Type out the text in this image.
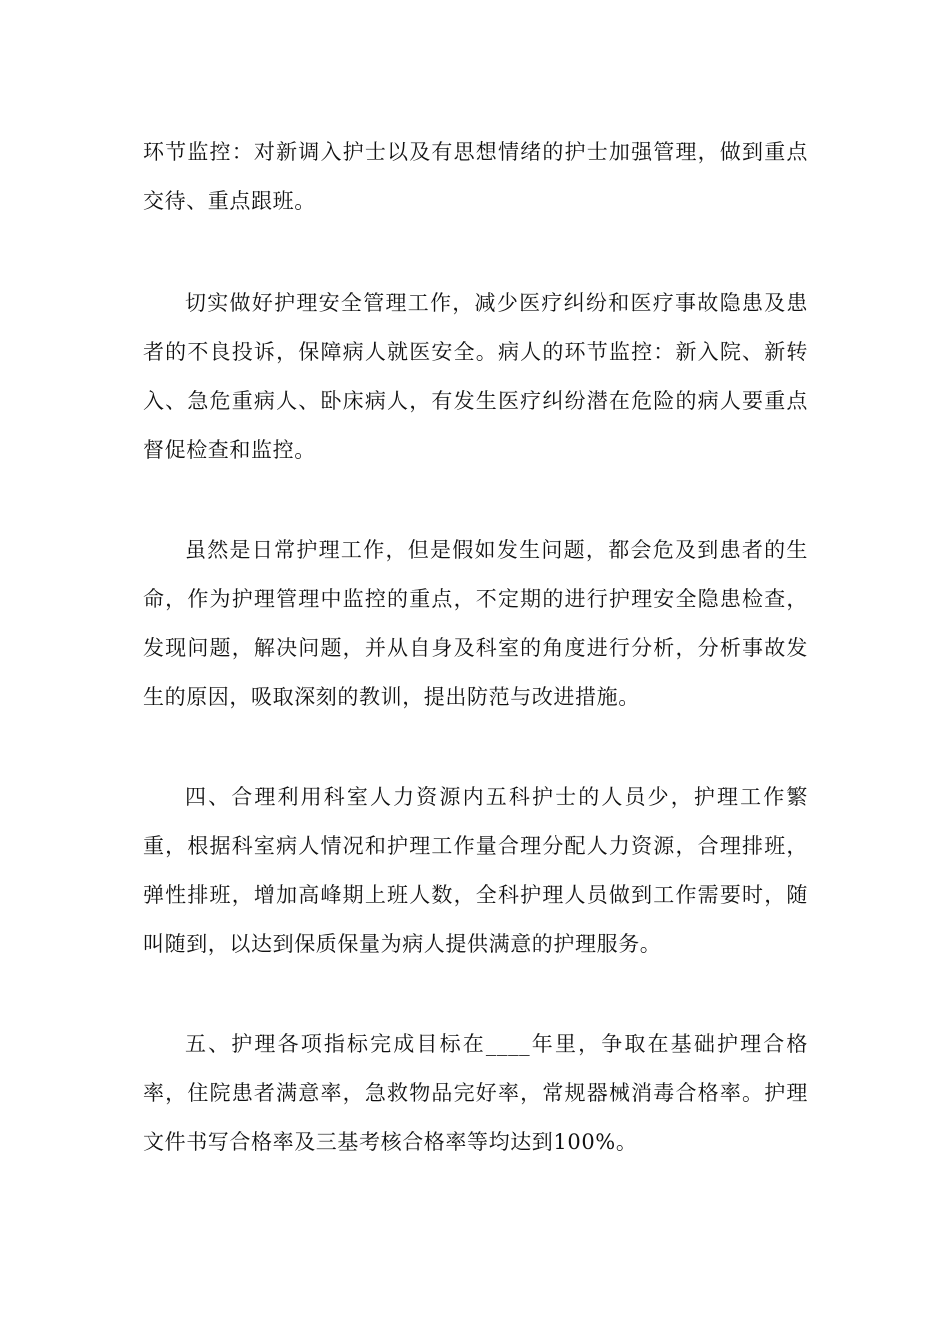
环节监控：对新调入护士以及有思想情绪的护士加强管理，做到重点交待、重点跟班。

切实做好护理安全管理工作，减少医疗纠纷和医疗事故隐患及患者的不良投诉，保障病人就医安全。病人的环节监控：新入院、新转入、急危重病人、卧床病人，有发生医疗纠纷潜在危险的病人要重点督促检查和监控。

虽然是日常护理工作，但是假如发生问题，都会危及到患者的生命，作为护理管理中监控的重点，不定期的进行护理安全隐患检查，发现问题，解决问题，并从自身及科室的角度进行分析，分析事故发生的原因，吸取深刻的教训，提出防范与改进措施。

四、合理利用科室人力资源内五科护士的人员少，护理工作繁重，根据科室病人情况和护理工作量合理分配人力资源，合理排班，弹性排班，增加高峰期上班人数，全科护理人员做到工作需要时，随叫随到，以达到保质保量为病人提供满意的护理服务。

五、护理各项指标完成目标在____年里，争取在基础护理合格率，住院患者满意率，急救物品完好率，常规器械消毒合格率。护理文件书写合格率及三基考核合格率等均达到100%。
